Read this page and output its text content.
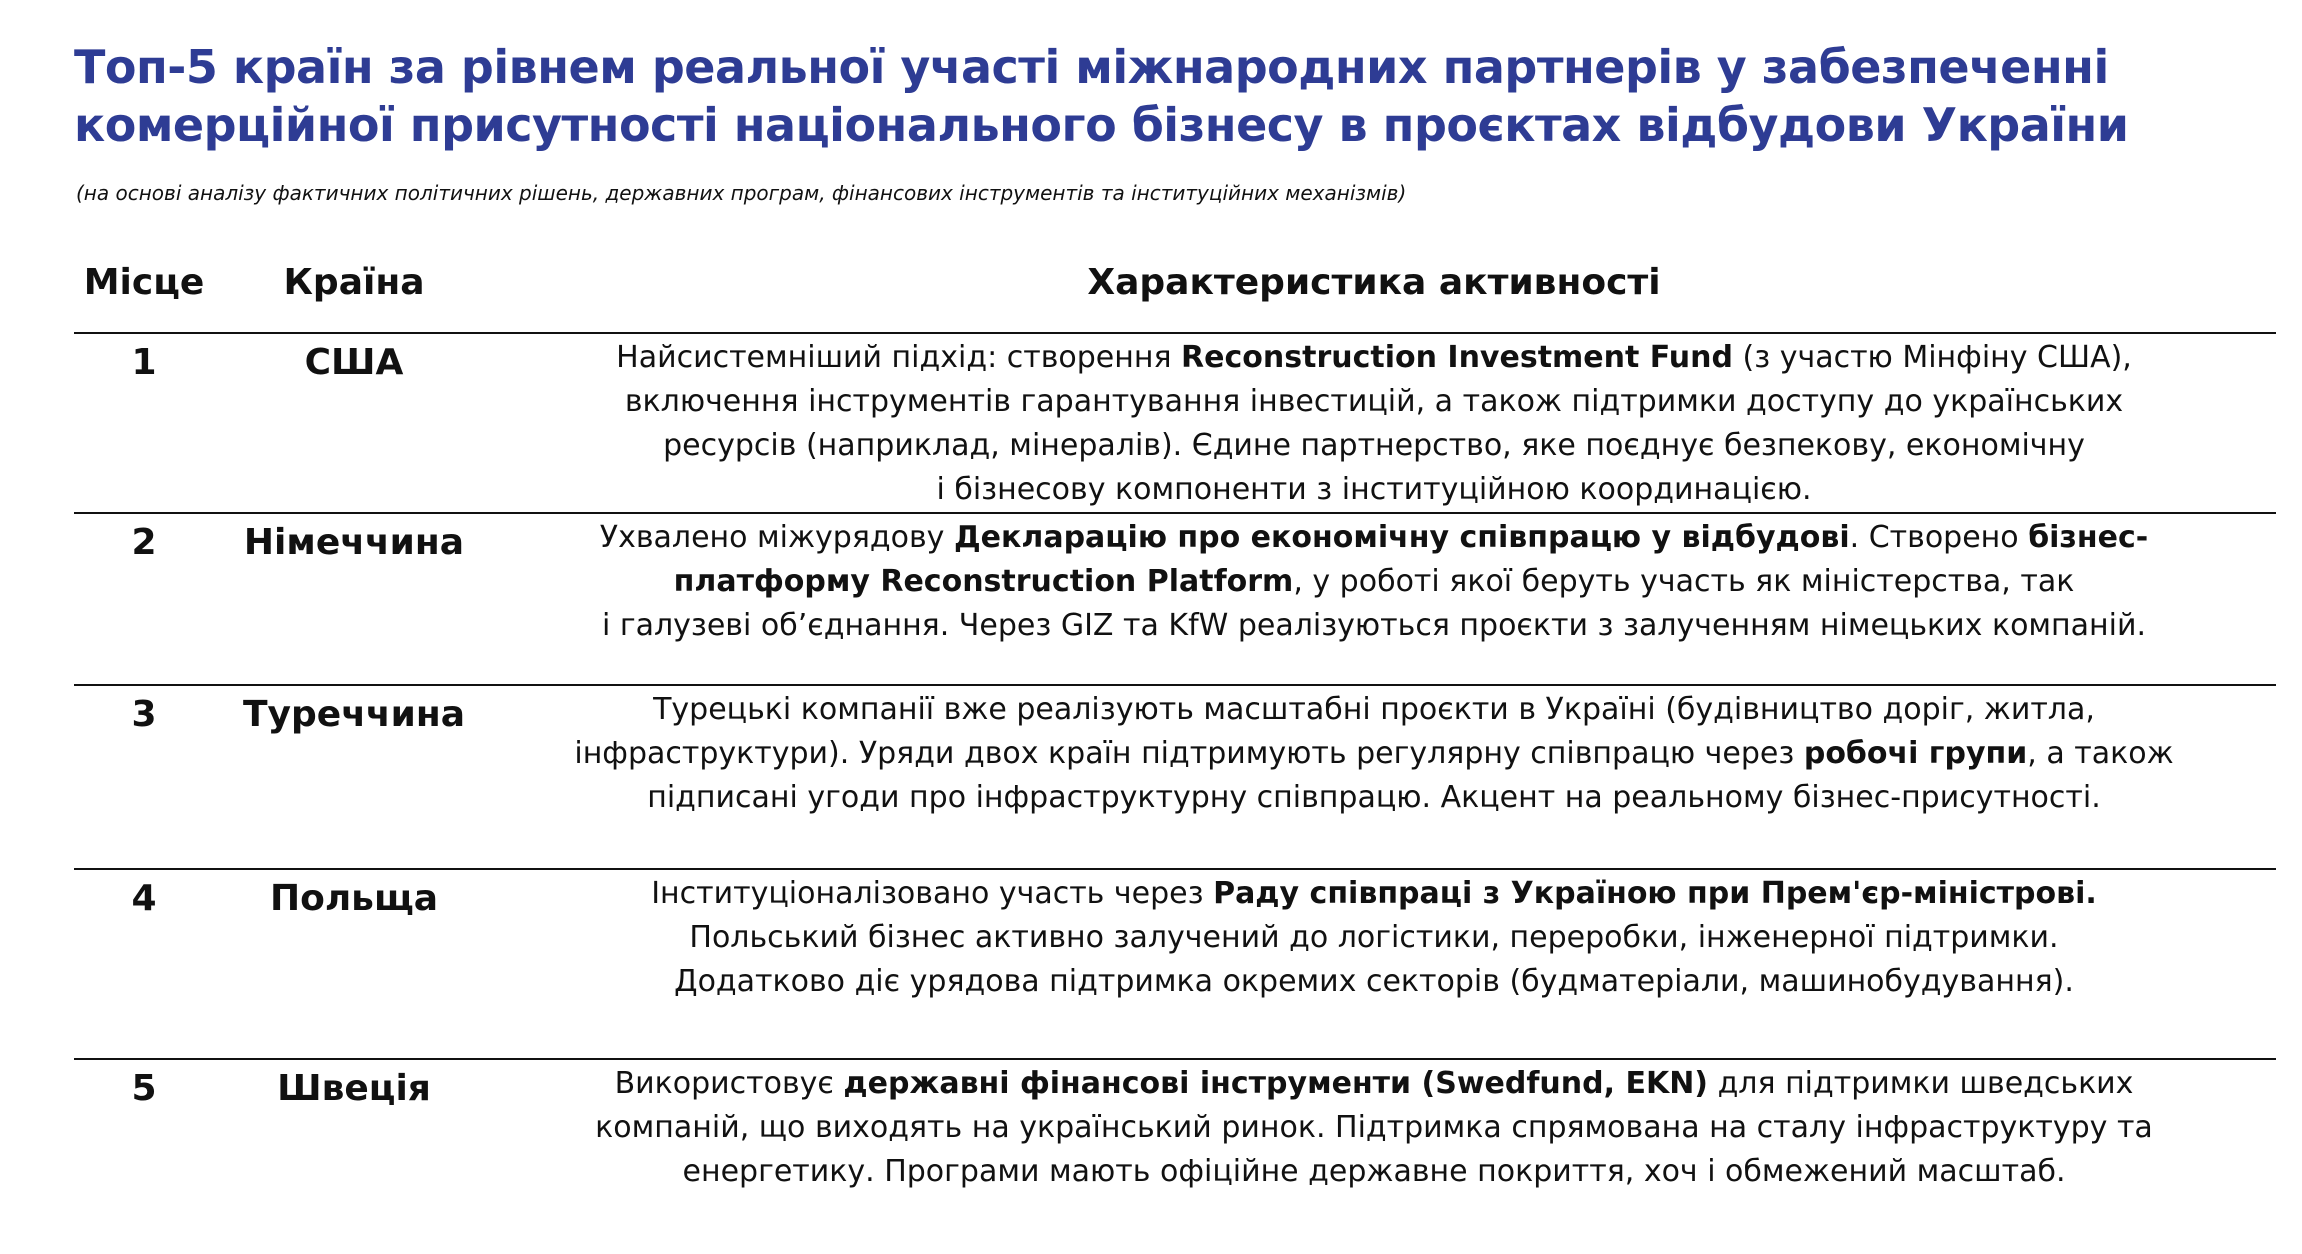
Топ-5 країн за рівнем реальної участі міжнародних партнерів у забезпеченні
комерційної присутності національного бізнесу в проєктах відбудови України
(на основі аналізу фактичних політичних рішень, державних програм, фінансових інструментів та інституційних механізмів)
Місце	Країна	Характеристика активності
1	США	Найсистемніший підхід: створення Reconstruction Investment Fund (з участю Мінфіну США),
включення інструментів гарантування інвестицій, а також підтримки доступу до українських
ресурсів (наприклад, мінералів). Єдине партнерство, яке поєднує безпекову, економічну
і бізнесову компоненти з інституційною координацією.
2	Німеччина	Ухвалено міжурядову Декларацію про економічну співпрацю у відбудові. Створено бізнес-
платформу Reconstruction Platform, у роботі якої беруть участь як міністерства, так
і галузеві об’єднання. Через GIZ та KfW реалізуються проєкти з залученням німецьких компаній.
3	Туреччина	Турецькі компанії вже реалізують масштабні проєкти в Україні (будівництво доріг, житла,
інфраструктури). Уряди двох країн підтримують регулярну співпрацю через робочі групи, а також
підписані угоди про інфраструктурну співпрацю. Акцент на реальному бізнес-присутності.
4	Польща	Інституціоналізовано участь через Раду співпраці з Україною при Прем'єр-міністрові.
Польський бізнес активно залучений до логістики, переробки, інженерної підтримки.
Додатково діє урядова підтримка окремих секторів (будматеріали, машинобудування).
5	Швеція	Використовує державні фінансові інструменти (Swedfund, EKN) для підтримки шведських
компаній, що виходять на український ринок. Підтримка спрямована на сталу інфраструктуру та
енергетику. Програми мають офіційне державне покриття, хоч і обмежений масштаб.
